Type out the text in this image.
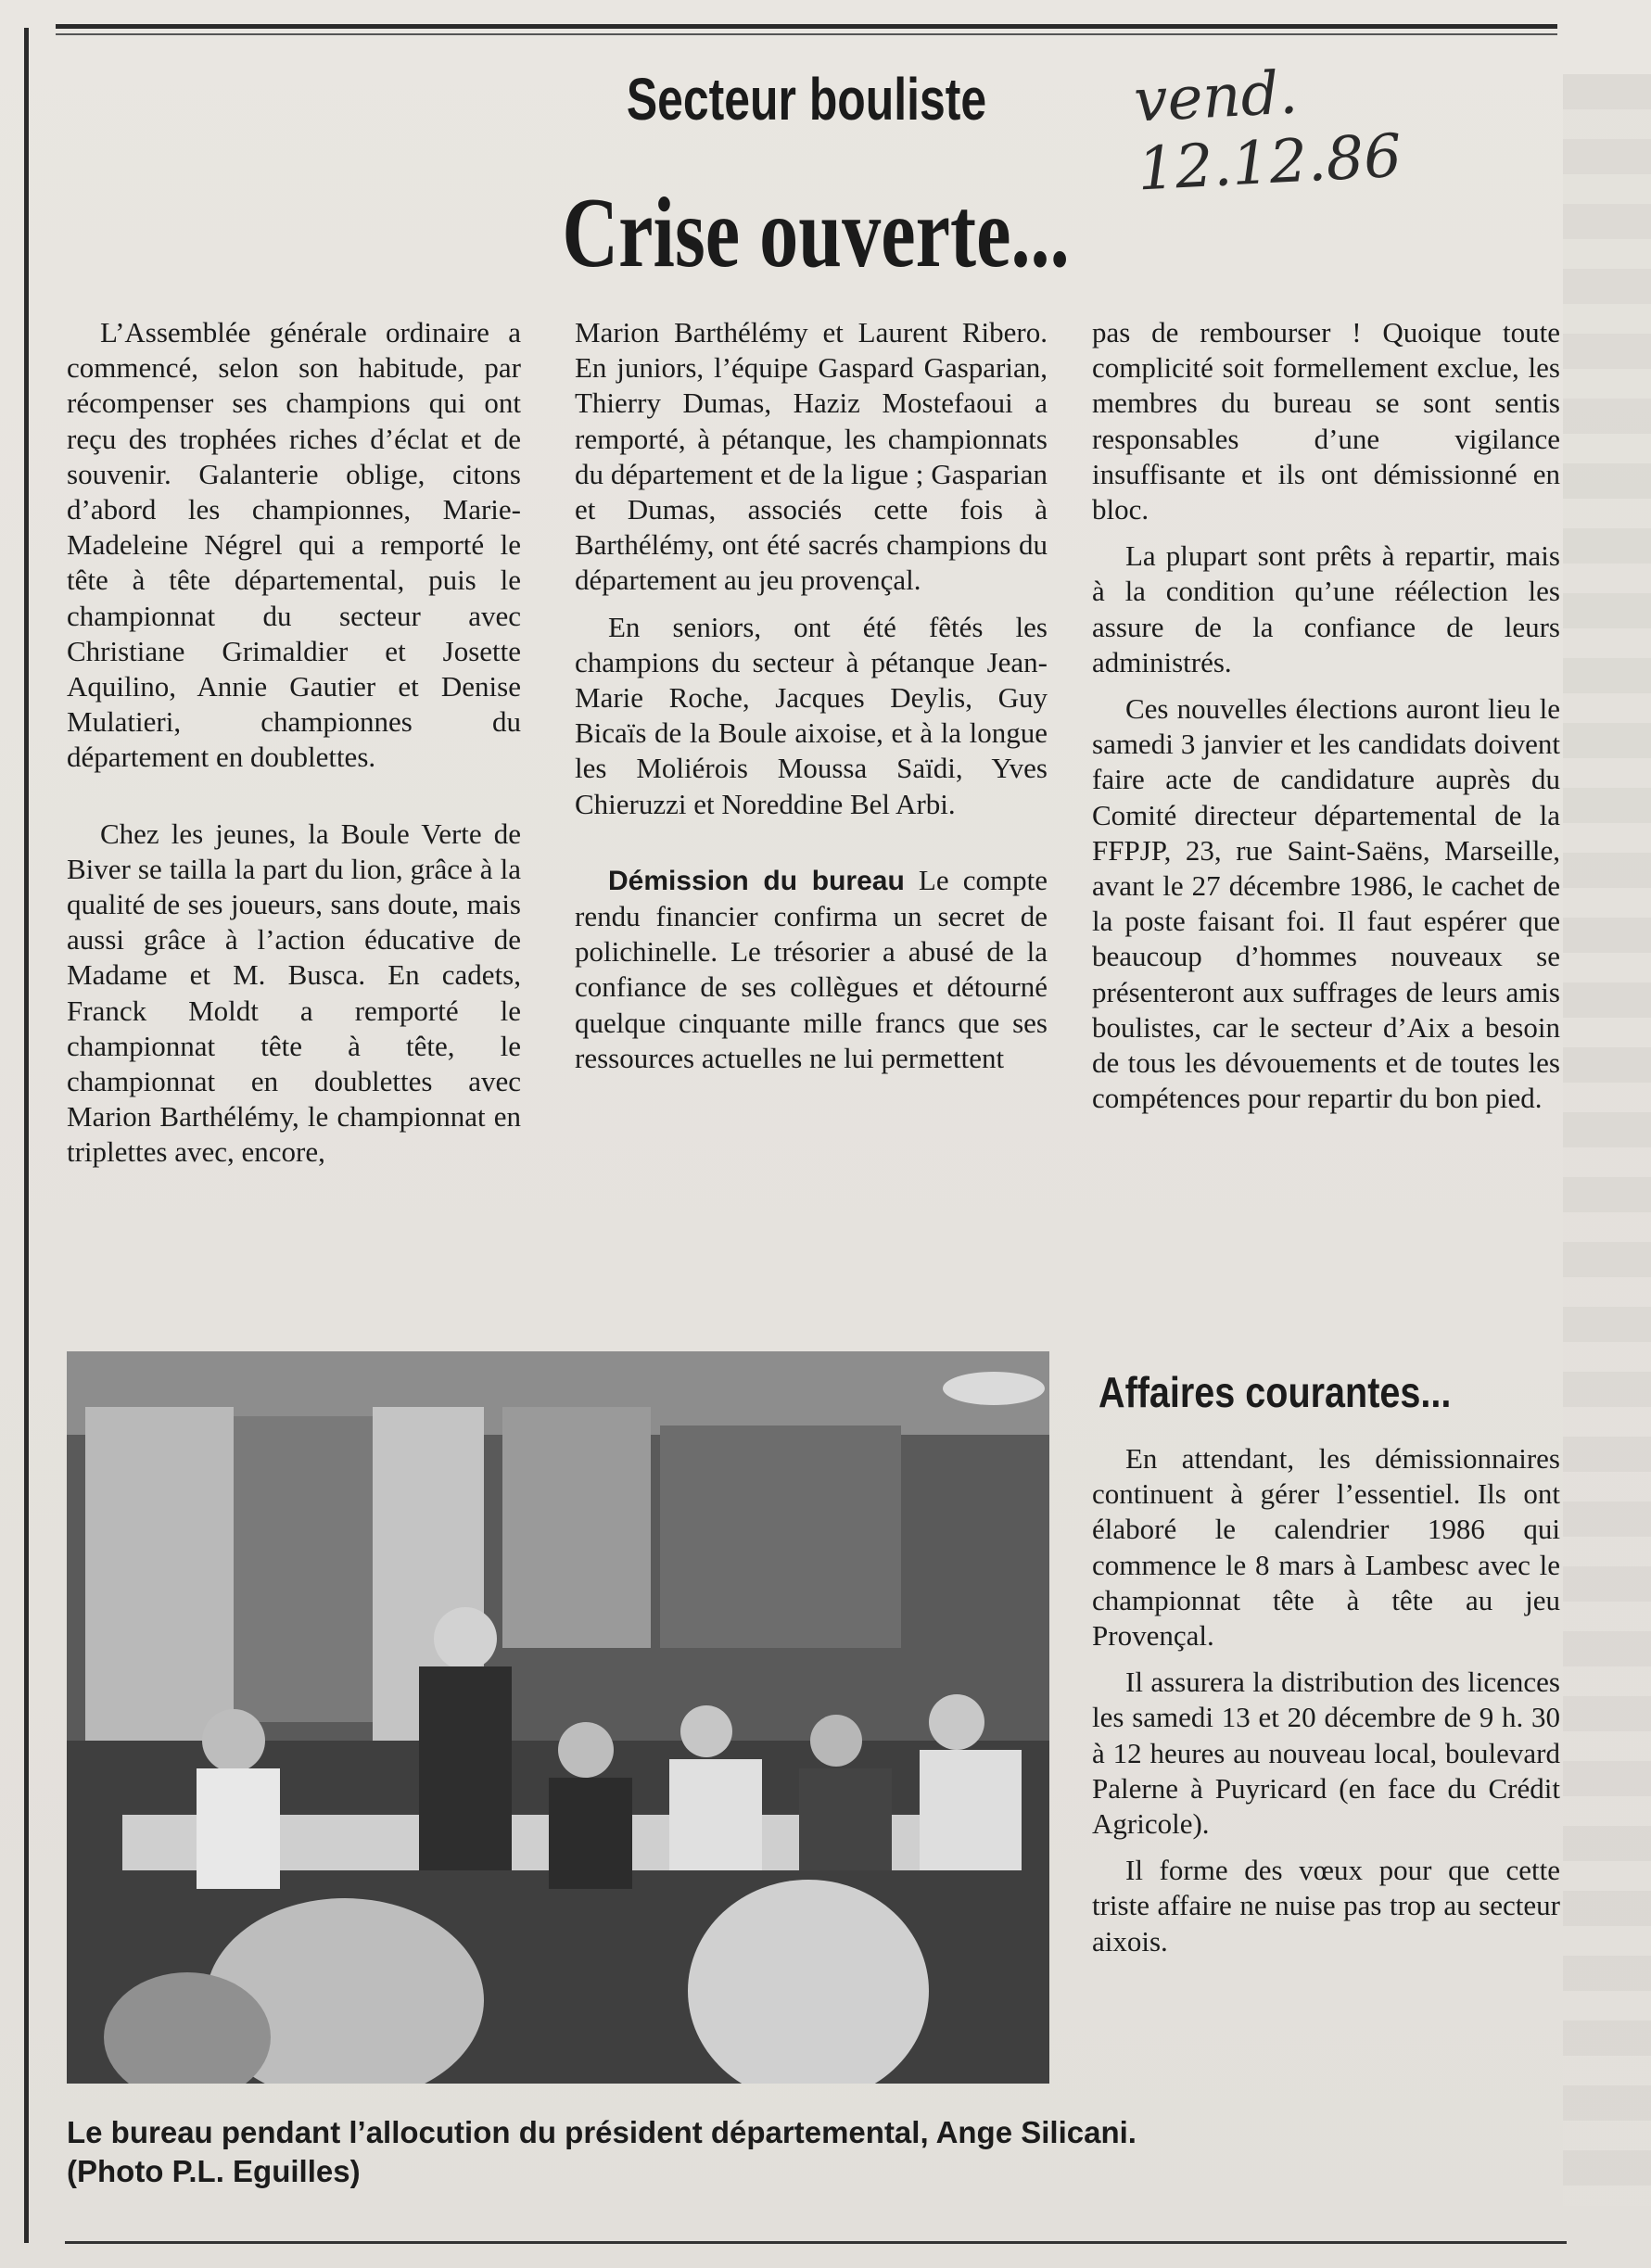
Secteur bouliste
Crise ouverte...
vend. 12.12.86

L’Assemblée générale ordinaire a commencé, selon son habitude, par récompenser ses champions qui ont reçu des trophées riches d’éclat et de souvenir. Galanterie oblige, citons d’abord les championnes, Marie-Madeleine Négrel qui a remporté le tête à tête départemental, puis le championnat du secteur avec Christiane Grimaldier et Josette Aquilino, Annie Gautier et Denise Mulatieri, championnes du département en doublettes.

Chez les jeunes, la Boule Verte de Biver se tailla la part du lion, grâce à la qualité de ses joueurs, sans doute, mais aussi grâce à l’action éducative de Madame et M. Busca. En cadets, Franck Moldt a remporté le championnat tête à tête, le championnat en doublettes avec Marion Barthélémy, le championnat en triplettes avec, encore,

Marion Barthélémy et Laurent Ribero. En juniors, l’équipe Gaspard Gasparian, Thierry Dumas, Haziz Mostefaoui a remporté, à pétanque, les championnats du département et de la ligue ; Gasparian et Dumas, associés cette fois à Barthélémy, ont été sacrés champions du département au jeu provençal.

En seniors, ont été fêtés les champions du secteur à pétanque Jean-Marie Roche, Jacques Deylis, Guy Bicaïs de la Boule aixoise, et à la longue les Moliérois Moussa Saïdi, Yves Chieruzzi et Noreddine Bel Arbi.

Démission du bureau Le compte rendu financier confirma un secret de polichinelle. Le trésorier a abusé de la confiance de ses collègues et détourné quelque cinquante mille francs que ses ressources actuelles ne lui permettent

pas de rembourser ! Quoique toute complicité soit formellement exclue, les membres du bureau se sont sentis responsables d’une vigilance insuffisante et ils ont démissionné en bloc.

La plupart sont prêts à repartir, mais à la condition qu’une réélection les assure de la confiance de leurs administrés.

Ces nouvelles élections auront lieu le samedi 3 janvier et les candidats doivent faire acte de candidature auprès du Comité directeur départemental de la FFPJP, 23, rue Saint-Saëns, Marseille, avant le 27 décembre 1986, le cachet de la poste faisant foi. Il faut espérer que beaucoup d’hommes nouveaux se présenteront aux suffrages de leurs amis boulistes, car le secteur d’Aix a besoin de tous les dévouements et de toutes les compétences pour repartir du bon pied.

Affaires courantes...

En attendant, les démissionnaires continuent à gérer l’essentiel. Ils ont élaboré le calendrier 1986 qui commence le 8 mars à Lambesc avec le championnat tête à tête au jeu Provençal.

Il assurera la distribution des licences les samedi 13 et 20 décembre de 9 h. 30 à 12 heures au nouveau local, boulevard Palerne à Puyricard (en face du Crédit Agricole).

Il forme des vœux pour que cette triste affaire ne nuise pas trop au secteur aixois.

Le bureau pendant l’allocution du président départemental, Ange Silicani.
(Photo P.L. Eguilles)
